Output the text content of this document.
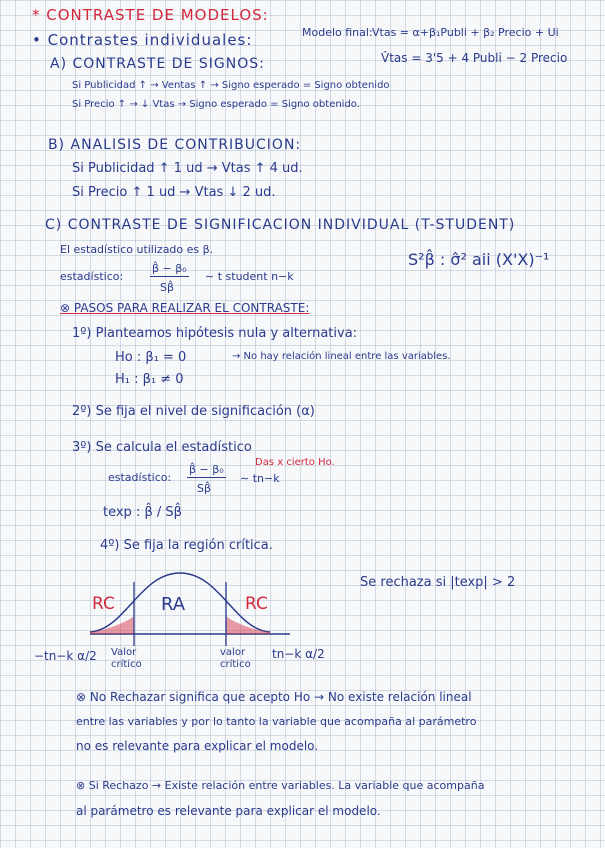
* CONTRASTE DE MODELOS:
• Contrastes individuales:	Modelo final: Vtas = α+β₁Publi + β₂ Precio + Ui
V̂tas = 3'5 + 4 Publi − 2 Precio
A) CONTRASTE DE SIGNOS:
Si Publicidad ↑ → Ventas ↑ → Signo esperado = Signo obtenido
Si Precio ↑ → ↓ Vtas → Signo esperado = Signo obtenido.
B) ANALISIS DE CONTRIBUCION:
Si Publicidad ↑ 1 ud → Vtas ↑ 4 ud.
Si Precio ↑ 1 ud → Vtas ↓ 2 ud.
C) CONTRASTE DE SIGNIFICACION INDIVIDUAL (T-STUDENT)
El estadístico utilizado es β.
S²β̂ : σ̂² aii (X'X)⁻¹
estadístico:
β̂ − β₀
Sβ̂
∼ t student n−k
⊗ PASOS PARA REALIZAR EL CONTRASTE:
1º) Planteamos hipótesis nula y alternativa:
Ho : β₁ = 0	→ No hay relación lineal entre las variables.
H₁ : β₁ ≠ 0
2º) Se fija el nivel de significación (α)
3º) Se calcula el estadístico
estadístico:
β̂ − β₀
Sβ̂
∼ tn−k
Das x cierto Ho.
texp : β̂ / Sβ̂
4º) Se fija la región crítica.
RC	RA	RC
−tn−k α/2 Valor crítico
valor crítico
tn−k α/2
Se rechaza si |texp| > 2
⊗ No Rechazar significa que acepto Ho → No existe relación lineal
entre las variables y por lo tanto la variable que acompaña al parámetro
no es relevante para explicar el modelo.
⊗ Si Rechazo → Existe relación entre variables. La variable que acompaña
al parámetro es relevante para explicar el modelo.
